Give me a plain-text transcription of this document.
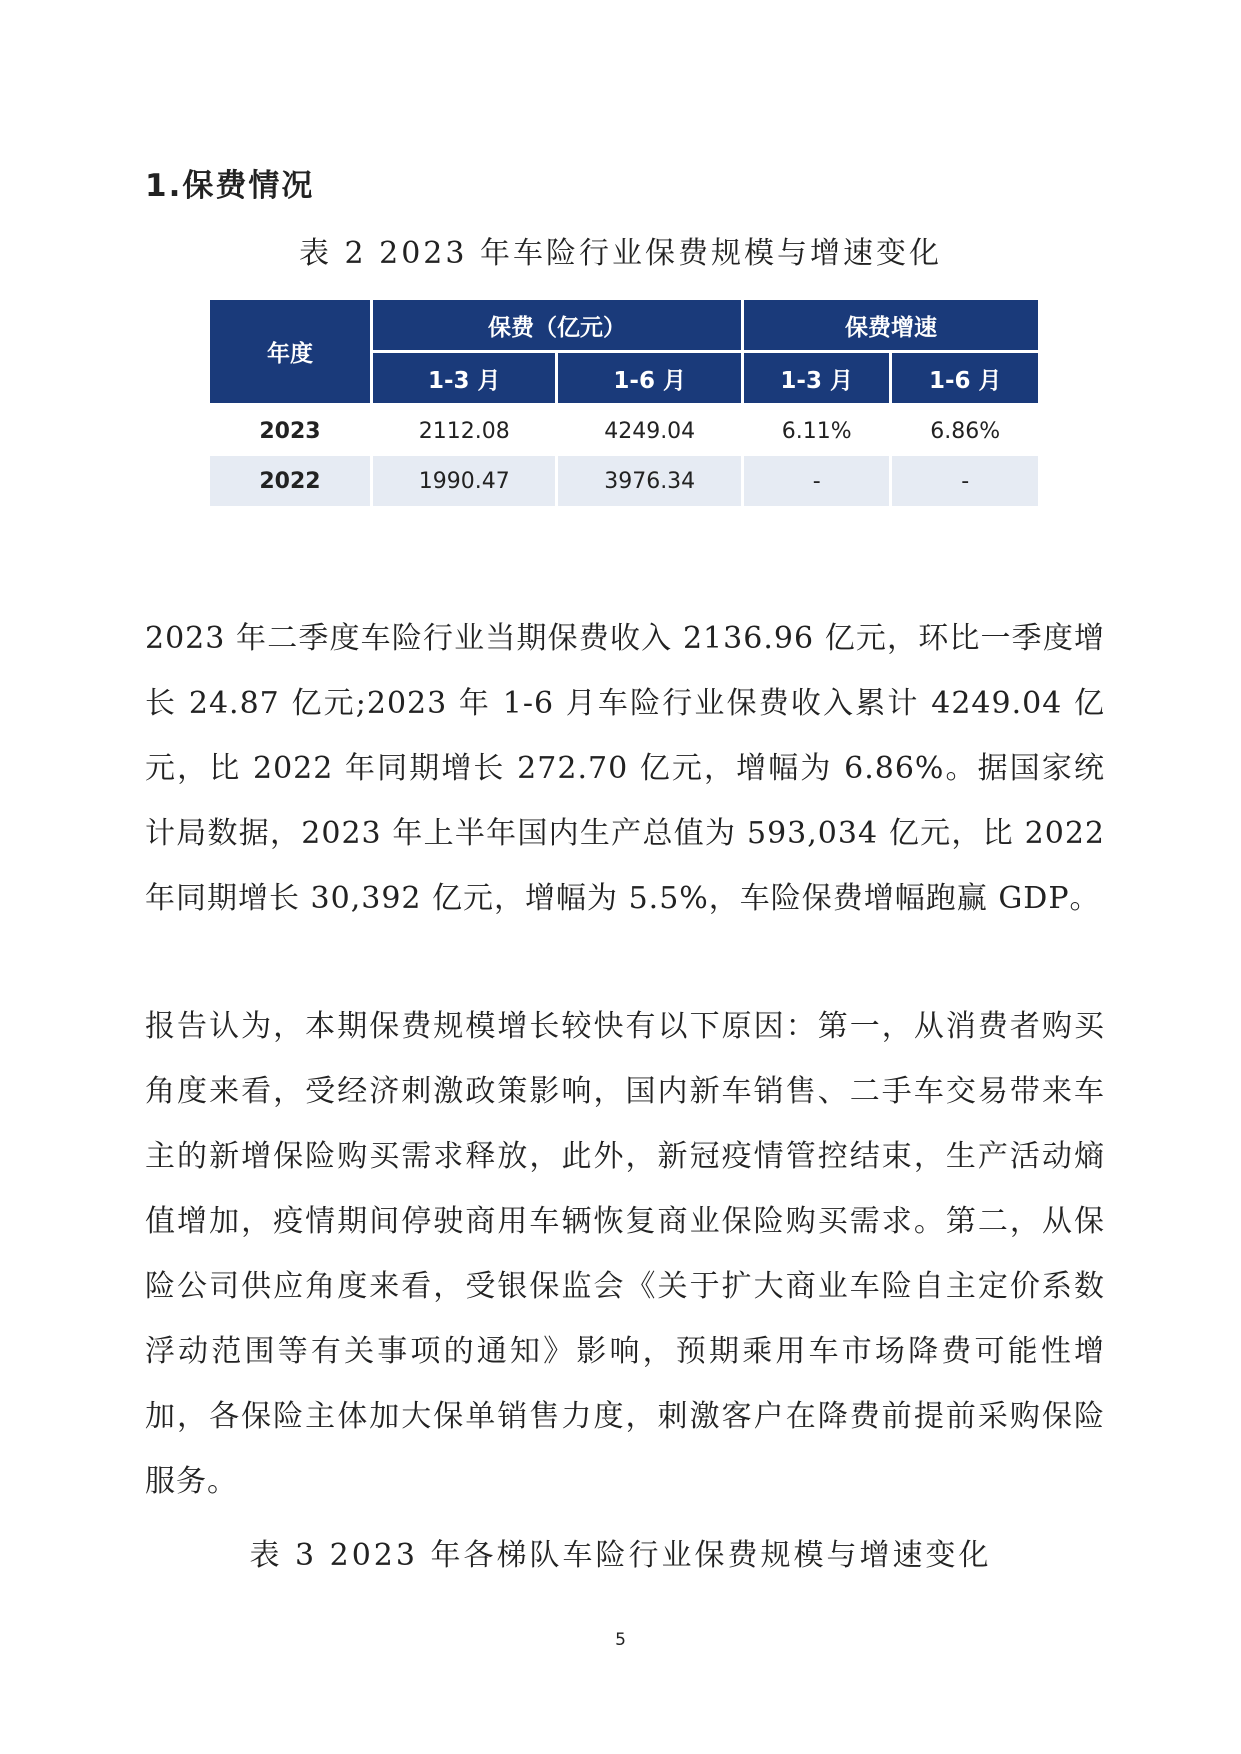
1.保费情况
表 2 2023 年车险行业保费规模与增速变化
年度	保费（亿元）		保费增速	
	1-3 月	1-6 月	1-3 月	1-6 月
2023	2112.08	4249.04	6.11%	6.86%
2022	1990.47	3976.34	-	-
2023 年二季度车险行业当期保费收入 2136.96 亿元，环比一季度增长 24.87 亿元;2023 年 1-6 月车险行业保费收入累计 4249.04 亿元，比 2022 年同期增长 272.70 亿元，增幅为 6.86%。据国家统计局数据，2023 年上半年国内生产总值为 593,034 亿元，比 2022 年同期增长 30,392 亿元，增幅为 5.5%，车险保费增幅跑赢 GDP。
报告认为，本期保费规模增长较快有以下原因：第一，从消费者购买角度来看，受经济刺激政策影响，国内新车销售、二手车交易带来车主的新增保险购买需求释放，此外，新冠疫情管控结束，生产活动熵值增加，疫情期间停驶商用车辆恢复商业保险购买需求。第二，从保险公司供应角度来看，受银保监会《关于扩大商业车险自主定价系数浮动范围等有关事项的通知》影响，预期乘用车市场降费可能性增加，各保险主体加大保单销售力度，刺激客户在降费前提前采购保险服务。
表 3 2023 年各梯队车险行业保费规模与增速变化
5
